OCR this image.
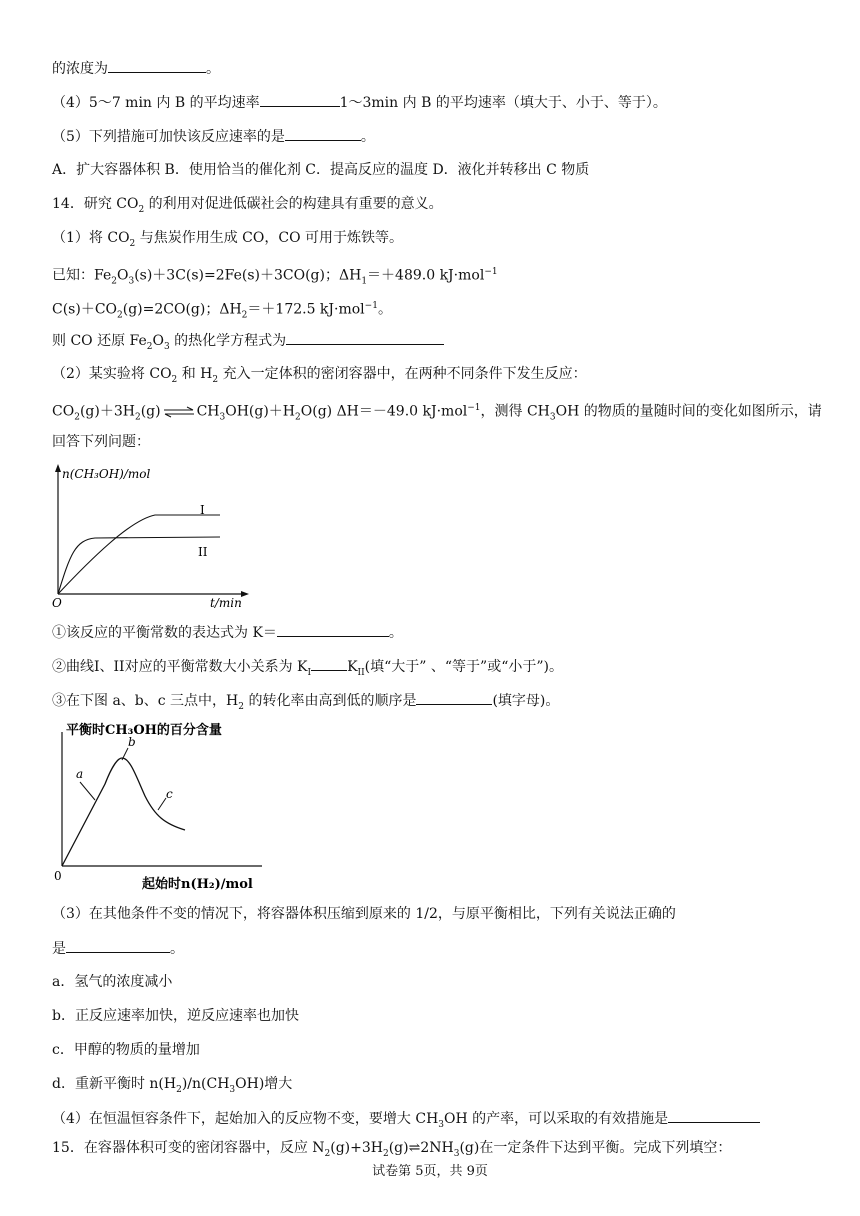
的浓度为	。
（4）5～7 min 内 B 的平均速率	1～3min 内 B 的平均速率（填大于、小于、等于）。
（5）下列措施可加快该反应速率的是	。
A．扩大容器体积 B．使用恰当的催化剂 C．提高反应的温度 D．液化并转移出 C 物质
14．研究 $CO_2$ 的利用对促进低碳社会的构建具有重要的意义。
（1）将 $CO_2$ 与焦炭作用生成 CO，CO 可用于炼铁等。
已知：$Fe_2O_3(s)+3C(s)=2Fe(s)+3CO(g)$；$\Delta H_1=+489.0$ kJ·mol$^{-1}$
$C(s)+CO_2(g)=2CO(g)$；$\Delta H_2=+172.5$ kJ·mol$^{-1}$。
则 CO 还原 $Fe_2O_3$ 的热化学方程式为
（2）某实验将 $CO_2$ 和 $H_2$ 充入一定体积的密闭容器中，在两种不同条件下发生反应：
$CO_2(g)+3H_2(g)$ ⇌ $CH_3OH(g)+H_2O(g)$ ΔH＝－49.0 kJ·mol$^{-1}$，测得 $CH_3OH$ 的物质的量随时间的变化如图所示，请
回答下列问题：
n(CH₃OH)/mol
I
II
O	t/min
①该反应的平衡常数的表达式为 K＝	。
②曲线I、II对应的平衡常数大小关系为 $K_I$	$K_{II}$(填“大于” 、“等于”或“小于”)。
③在下图 a、b、c 三点中，$H_2$ 的转化率由高到低的顺序是	(填字母)。
平衡时CH₃OH的百分含量
a
b
c
0
起始时n(H₂)/mol
（3）在其他条件不变的情况下，将容器体积压缩到原来的 1/2，与原平衡相比，下列有关说法正确的
是	。
a．氢气的浓度减小
b．正反应速率加快，逆反应速率也加快
c．甲醇的物质的量增加
d．重新平衡时 $n(H_2)/n(CH_3OH)$增大
（4）在恒温恒容条件下，起始加入的反应物不变，要增大 $CH_3OH$ 的产率，可以采取的有效措施是
15．在容器体积可变的密闭容器中，反应 $N_2(g)+3H_2(g)\rightleftharpoons 2NH_3(g)$在一定条件下达到平衡。完成下列填空：
试卷第 5页，共 9页
